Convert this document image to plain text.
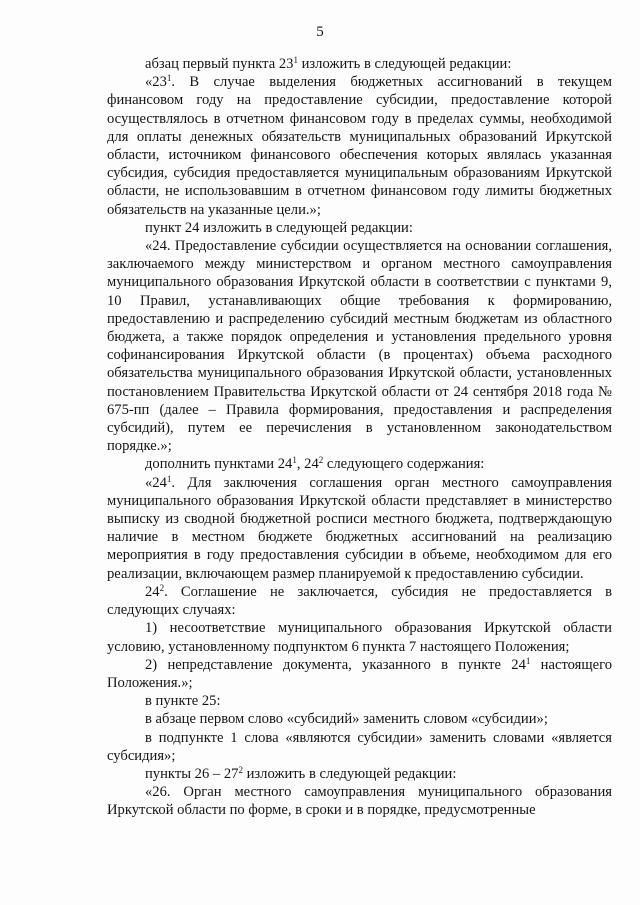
5

абзац первый пункта $23^1$ изложить в следующей редакции:

«$23^1$. В случае выделения бюджетных ассигнований в текущем финансовом году на предоставление субсидии, предоставление которой осуществлялось в отчетном финансовом году в пределах суммы, необходимой для оплаты денежных обязательств муниципальных образований Иркутской области, источником финансового обеспечения которых являлась указанная субсидия, субсидия предоставляется муниципальным образованиям Иркутской области, не использовавшим в отчетном финансовом году лимиты бюджетных обязательств на указанные цели.»;

пункт 24 изложить в следующей редакции:

«24. Предоставление субсидии осуществляется на основании соглашения, заключаемого между министерством и органом местного самоуправления муниципального образования Иркутской области в соответствии с пунктами 9, 10 Правил, устанавливающих общие требования к формированию, предоставлению и распределению субсидий местным бюджетам из областного бюджета, а также порядок определения и установления предельного уровня софинансирования Иркутской области (в процентах) объема расходного обязательства муниципального образования Иркутской области, установленных постановлением Правительства Иркутской области от 24 сентября 2018 года № 675-пп (далее – Правила формирования, предоставления и распределения субсидий), путем ее перечисления в установленном законодательством порядке.»;

дополнить пунктами $24^1$, $24^2$ следующего содержания:

«$24^1$. Для заключения соглашения орган местного самоуправления муниципального образования Иркутской области представляет в министерство выписку из сводной бюджетной росписи местного бюджета, подтверждающую наличие в местном бюджете бюджетных ассигнований на реализацию мероприятия в году предоставления субсидии в объеме, необходимом для его реализации, включающем размер планируемой к предоставлению субсидии.

$24^2$. Соглашение не заключается, субсидия не предоставляется в следующих случаях:

1) несоответствие муниципального образования Иркутской области условию, установленному подпунктом 6 пункта 7 настоящего Положения;

2) непредставление документа, указанного в пункте $24^1$ настоящего Положения.»;

в пункте 25:

в абзаце первом слово «субсидий» заменить словом «субсидии»;

в подпункте 1 слова «являются субсидии» заменить словами «является субсидия»;

пункты $26 - 27^2$ изложить в следующей редакции:

«26. Орган местного самоуправления муниципального образования Иркутской области по форме, в сроки и в порядке, предусмотренные
